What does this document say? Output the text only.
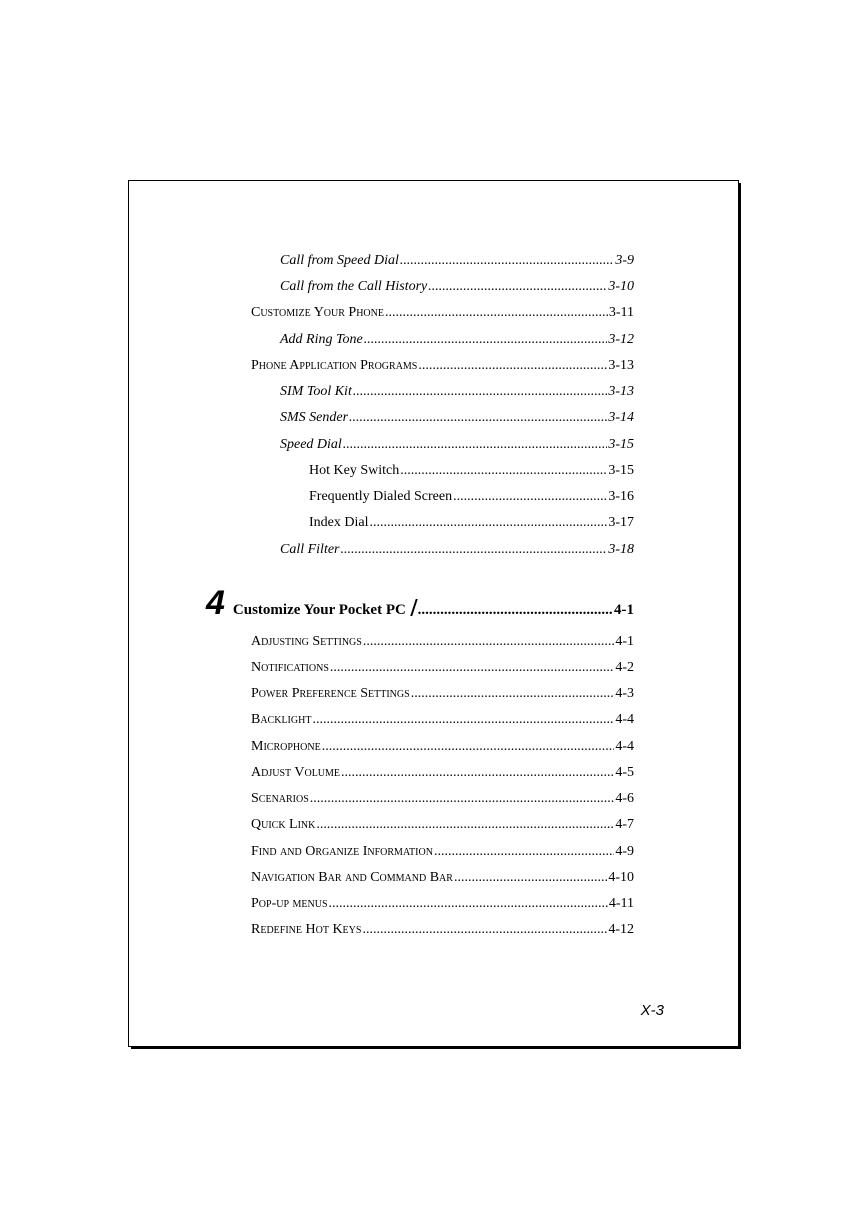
Call from Speed Dial .....	3-9
Call from the Call History .....	3-10
Customize Your Phone .....	3-11
Add Ring Tone .....	3-12
Phone Application Programs .....	3-13
SIM Tool Kit .....	3-13
SMS Sender .....	3-14
Speed Dial .....	3-15
Hot Key Switch .....	3-15
Frequently Dialed Screen .....	3-16
Index Dial .....	3-17
Call Filter .....	3-18
4 Customize Your Pocket PC .....	4-1
Adjusting Settings .....	4-1
Notifications .....	4-2
Power Preference Settings .....	4-3
Backlight .....	4-4
Microphone .....	4-4
Adjust Volume .....	4-5
Scenarios .....	4-6
Quick Link .....	4-7
Find and Organize Information .....	4-9
Navigation Bar and Command Bar .....	4-10
Pop-up menus .....	4-11
Redefine Hot Keys .....	4-12
X-3
